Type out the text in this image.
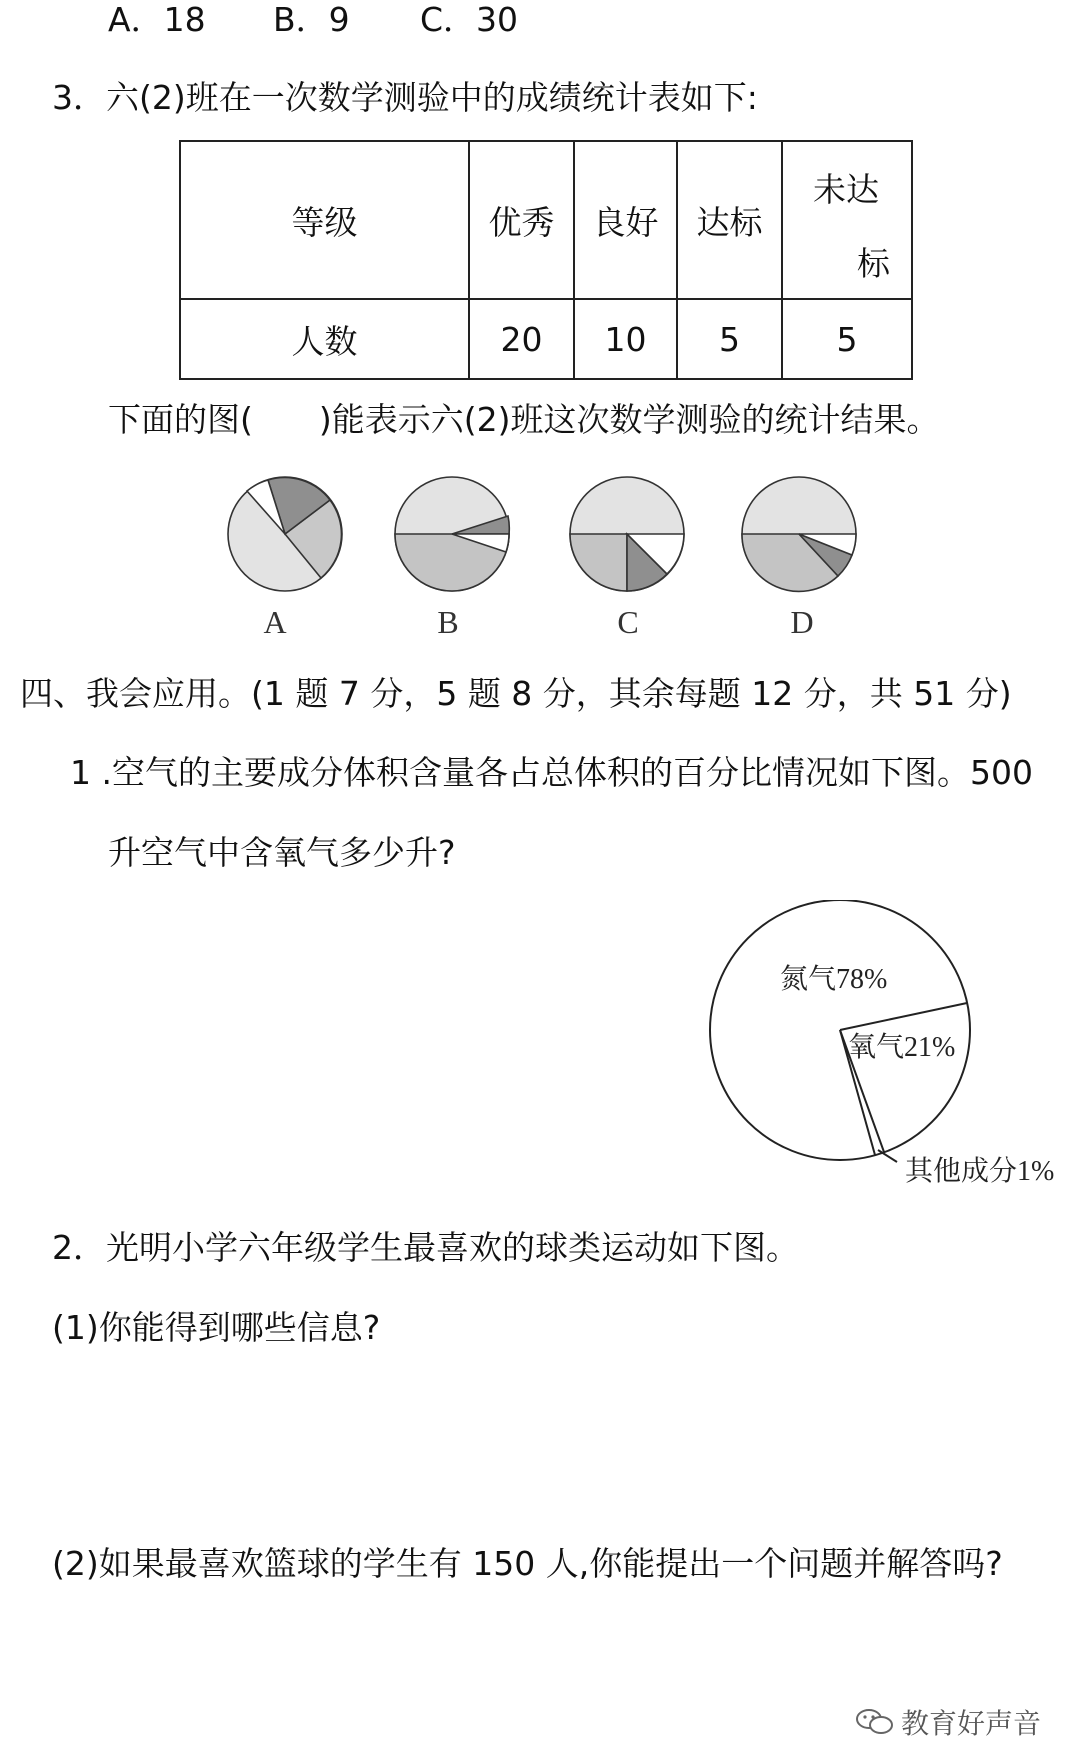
A．18 B．9 C．30
3．六(2)班在一次数学测验中的成绩统计表如下:
等级	优秀	良好	达标	未达
标

人数	20	10	5	5
下面的图(　　)能表示六(2)班这次数学测验的统计结果。
A	B	C	D
四、我会应用。(1 题 7 分，5 题 8 分，其余每题 12 分，共 51 分)
1 .空气的主要成分体积含量各占总体积的百分比情况如下图。500
升空气中含氧气多少升?
氮气78%
氧气21%
其他成分1%
2．光明小学六年级学生最喜欢的球类运动如下图。
(1)你能得到哪些信息?
(2)如果最喜欢篮球的学生有 150 人,你能提出一个问题并解答吗?
教育好声音
